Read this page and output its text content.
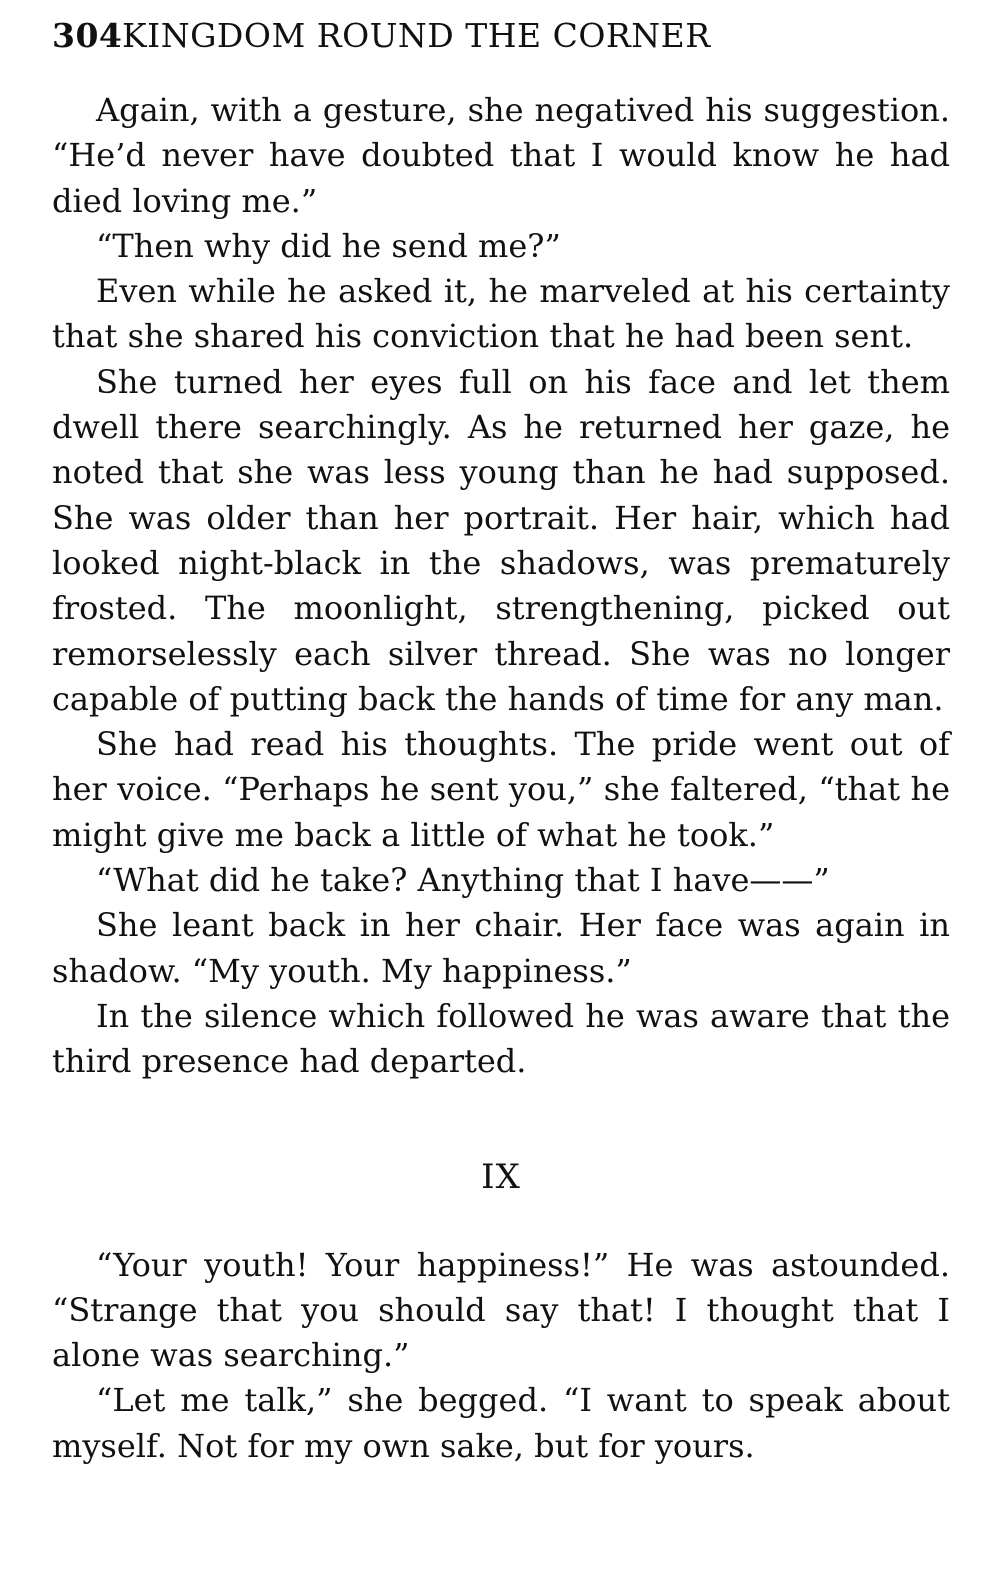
304 KINGDOM ROUND THE CORNER

Again, with a gesture, she negatived his suggestion. “He’d never have doubted that I would know he had died loving me.”

“Then why did he send me?”

Even while he asked it, he marveled at his certainty that she shared his conviction that he had been sent.

She turned her eyes full on his face and let them dwell there searchingly. As he returned her gaze, he noted that she was less young than he had supposed. She was older than her portrait. Her hair, which had looked night-black in the shadows, was prematurely frosted. The moonlight, strengthening, picked out remorselessly each silver thread. She was no longer capable of putting back the hands of time for any man.

She had read his thoughts. The pride went out of her voice. “Perhaps he sent you,” she faltered, “that he might give me back a little of what he took.”

“What did he take? Anything that I have——”

She leant back in her chair. Her face was again in shadow. “My youth. My happiness.”

In the silence which followed he was aware that the third presence had departed.

IX

“Your youth! Your happiness!” He was astounded. “Strange that you should say that! I thought that I alone was searching.”

“Let me talk,” she begged. “I want to speak about myself. Not for my own sake, but for yours.
